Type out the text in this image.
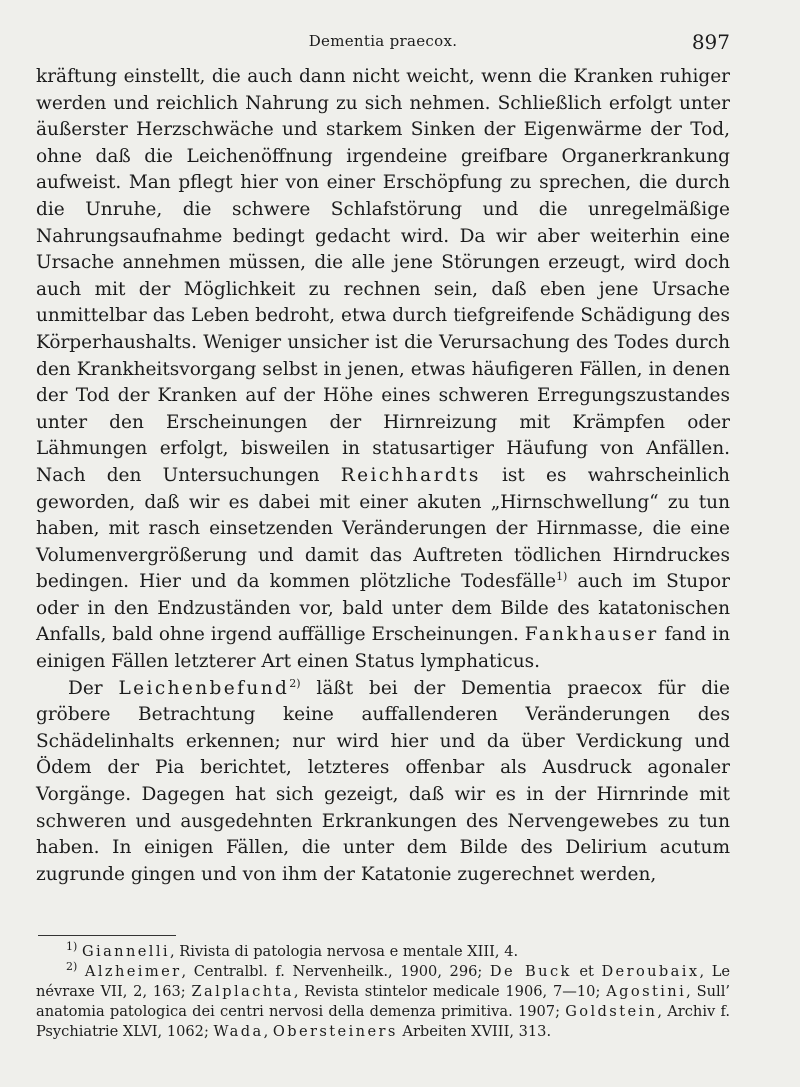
Dementia praecox.	897

kräftung einstellt, die auch dann nicht weicht, wenn die Kranken ruhiger werden und reichlich Nahrung zu sich nehmen. Schließlich erfolgt unter äußerster Herzschwäche und starkem Sinken der Eigenwärme der Tod, ohne daß die Leichenöffnung irgendeine greifbare Organerkrankung aufweist. Man pflegt hier von einer Erschöpfung zu sprechen, die durch die Unruhe, die schwere Schlafstörung und die unregelmäßige Nahrungsaufnahme bedingt gedacht wird. Da wir aber weiterhin eine Ursache annehmen müssen, die alle jene Störungen erzeugt, wird doch auch mit der Möglichkeit zu rechnen sein, daß eben jene Ursache unmittelbar das Leben bedroht, etwa durch tiefgreifende Schädigung des Körperhaushalts. Weniger unsicher ist die Verursachung des Todes durch den Krankheitsvorgang selbst in jenen, etwas häufigeren Fällen, in denen der Tod der Kranken auf der Höhe eines schweren Erregungszustandes unter den Erscheinungen der Hirnreizung mit Krämpfen oder Lähmungen erfolgt, bisweilen in statusartiger Häufung von Anfällen. Nach den Untersuchungen Reichhardts ist es wahrscheinlich geworden, daß wir es dabei mit einer akuten „Hirnschwellung“ zu tun haben, mit rasch einsetzenden Veränderungen der Hirnmasse, die eine Volumenvergrößerung und damit das Auftreten tödlichen Hirndruckes bedingen. Hier und da kommen plötzliche Todesfälle$^{1)}$ auch im Stupor oder in den Endzuständen vor, bald unter dem Bilde des katatonischen Anfalls, bald ohne irgend auffällige Erscheinungen. Fankhauser fand in einigen Fällen letzterer Art einen Status lymphaticus.

Der Leichenbefund$^{2)}$ läßt bei der Dementia praecox für die gröbere Betrachtung keine auffallenderen Veränderungen des Schädelinhalts erkennen; nur wird hier und da über Verdickung und Ödem der Pia berichtet, letzteres offenbar als Ausdruck agonaler Vorgänge. Dagegen hat sich gezeigt, daß wir es in der Hirnrinde mit schweren und ausgedehnten Erkrankungen des Nervengewebes zu tun haben. In einigen Fällen, die unter dem Bilde des Delirium acutum zugrunde gingen und von ihm der Katatonie zugerechnet werden,

$^{1)}$ Giannelli, Rivista di patologia nervosa e mentale XIII, 4.

$^{2)}$ Alzheimer, Centralbl. f. Nervenheilk., 1900, 296; De Buck et Deroubaix, Le névraxe VII, 2, 163; Zalplachta, Revista stintelor medicale 1906, 7—10; Agostini, Sull’ anatomia patologica dei centri nervosi della demenza primitiva. 1907; Goldstein, Archiv f. Psychiatrie XLVI, 1062; Wada, Obersteiners Arbeiten XVIII, 313.
